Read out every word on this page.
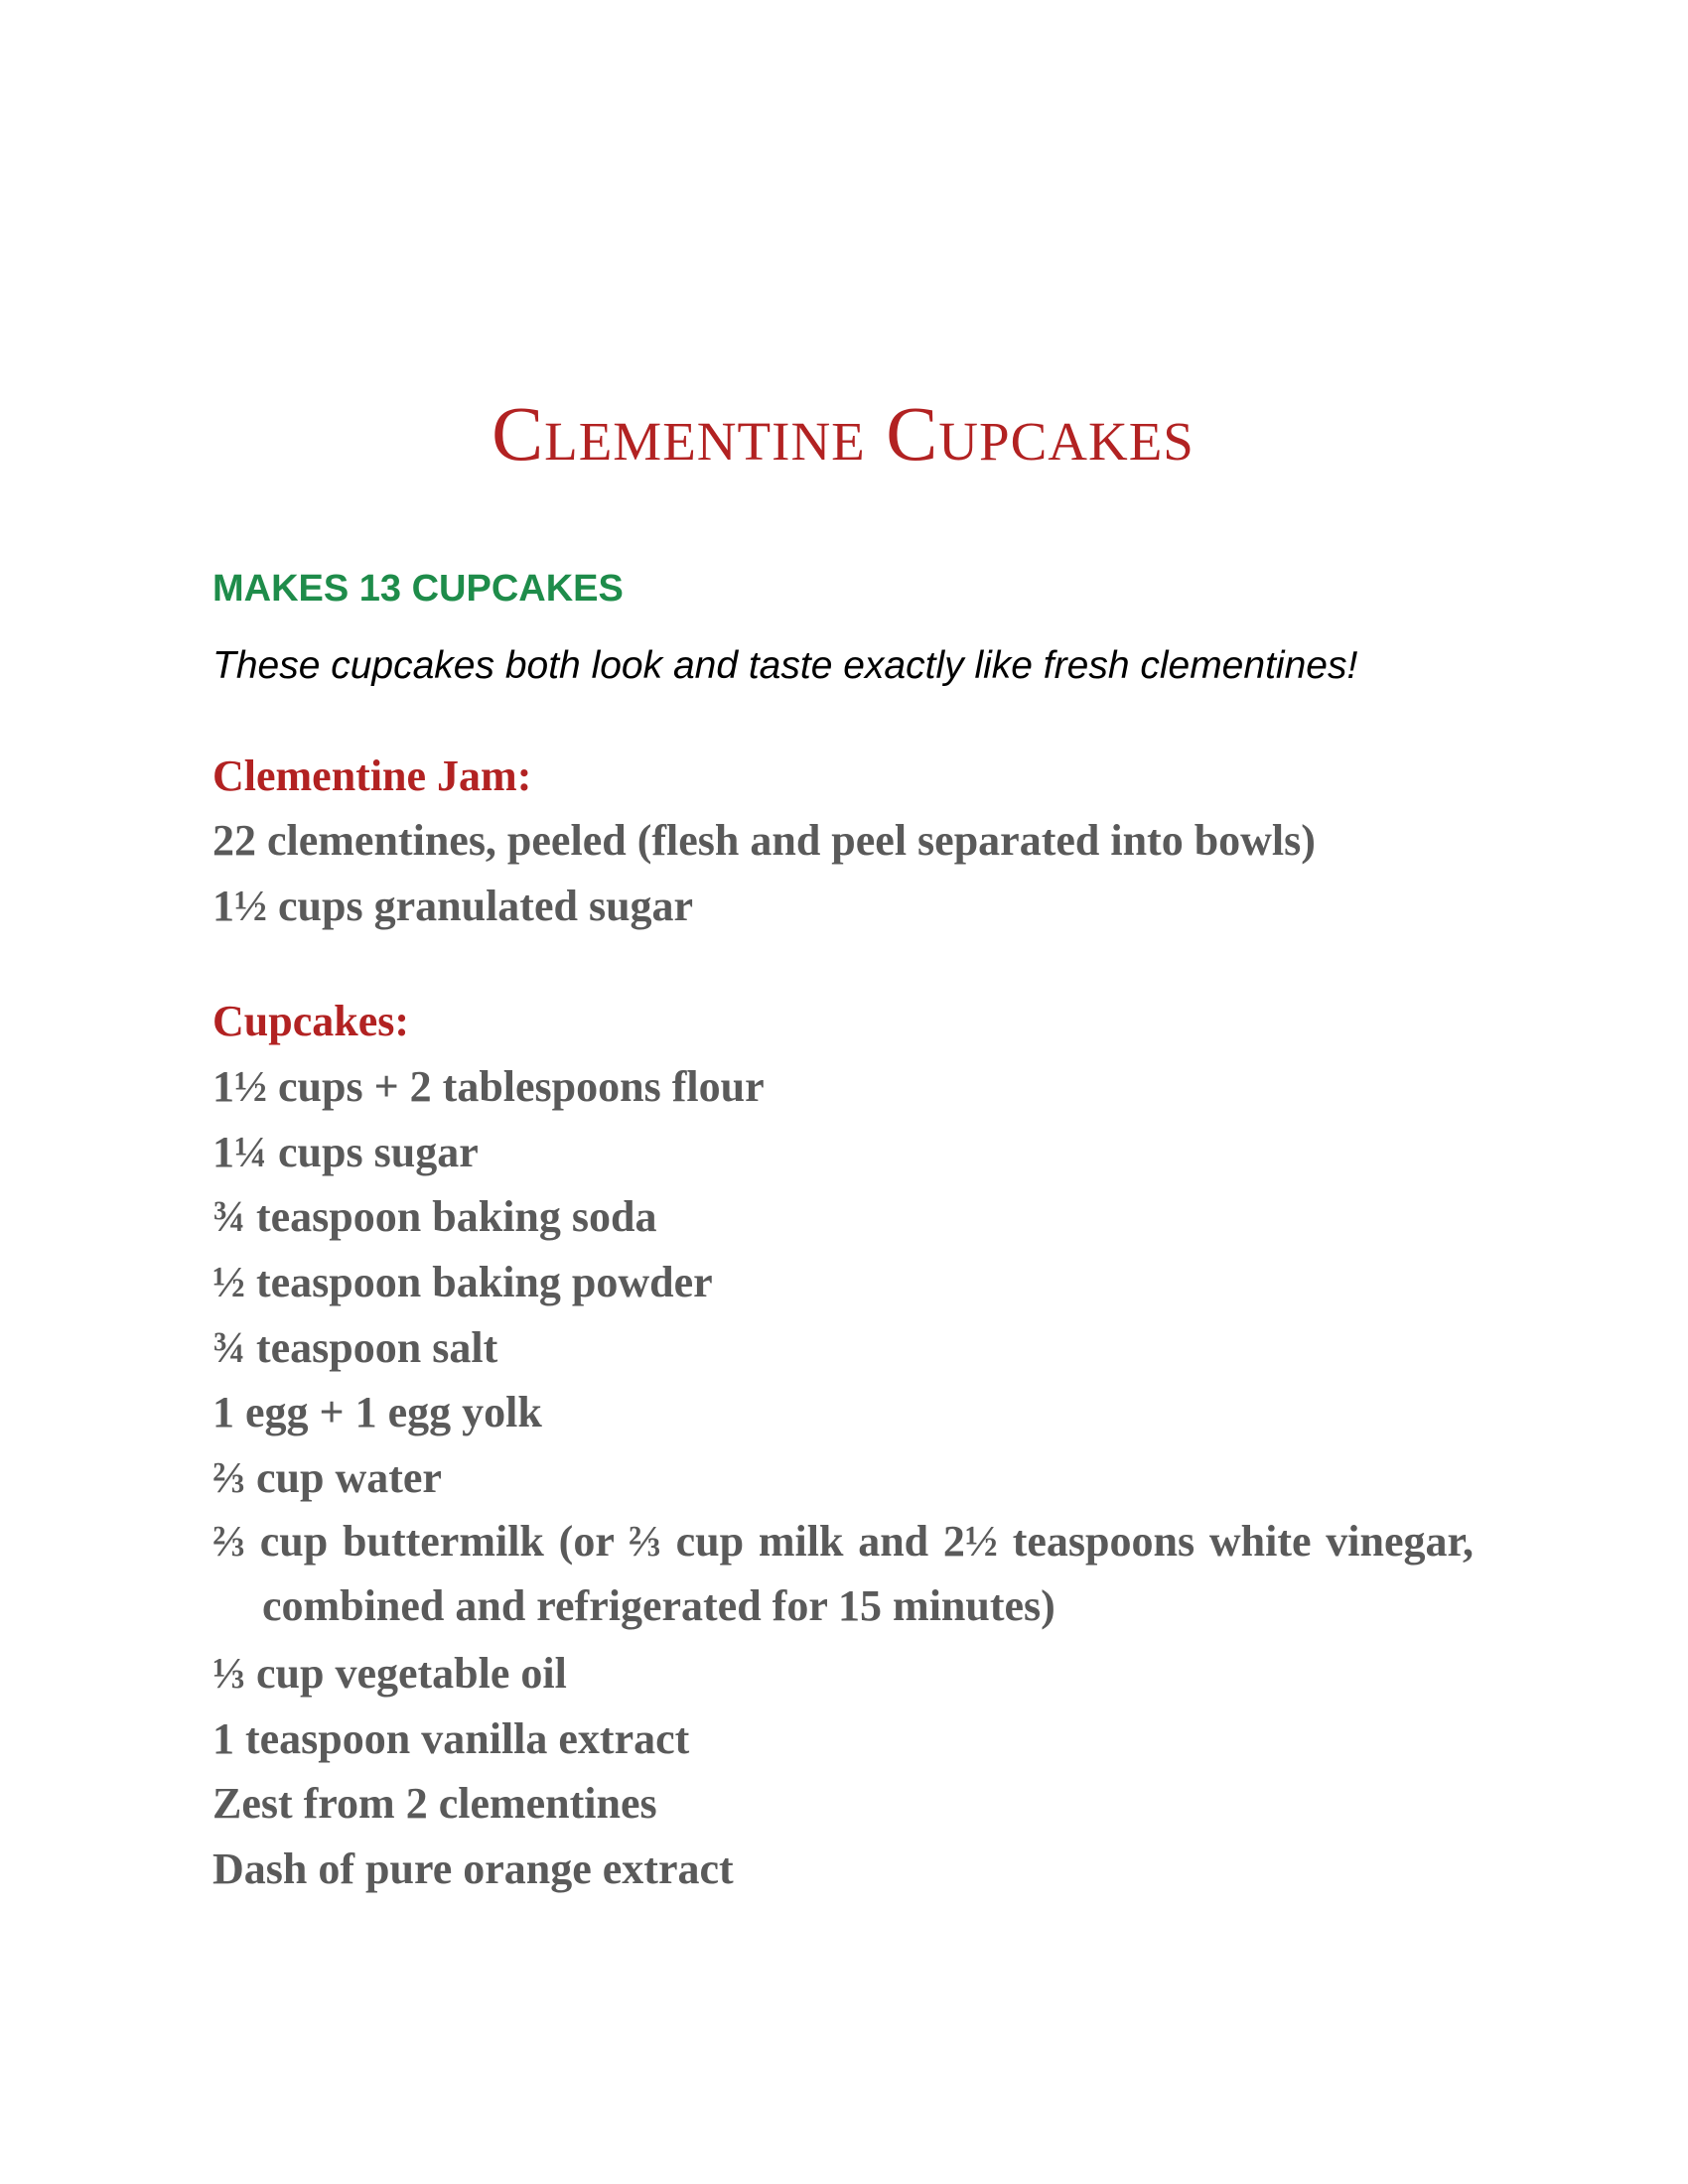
Clementine Cupcakes

MAKES 13 CUPCAKES

These cupcakes both look and taste exactly like fresh clementines!

Clementine Jam:

22 clementines, peeled (flesh and peel separated into bowls)

1½ cups granulated sugar

Cupcakes:

1½ cups + 2 tablespoons flour

1¼ cups sugar

¾ teaspoon baking soda

½ teaspoon baking powder

¾ teaspoon salt

1 egg + 1 egg yolk

⅔ cup water

⅔ cup buttermilk (or ⅔ cup milk and 2½ teaspoons white vinegar, combined and refrigerated for 15 minutes)

⅓ cup vegetable oil

1 teaspoon vanilla extract

Zest from 2 clementines

Dash of pure orange extract
